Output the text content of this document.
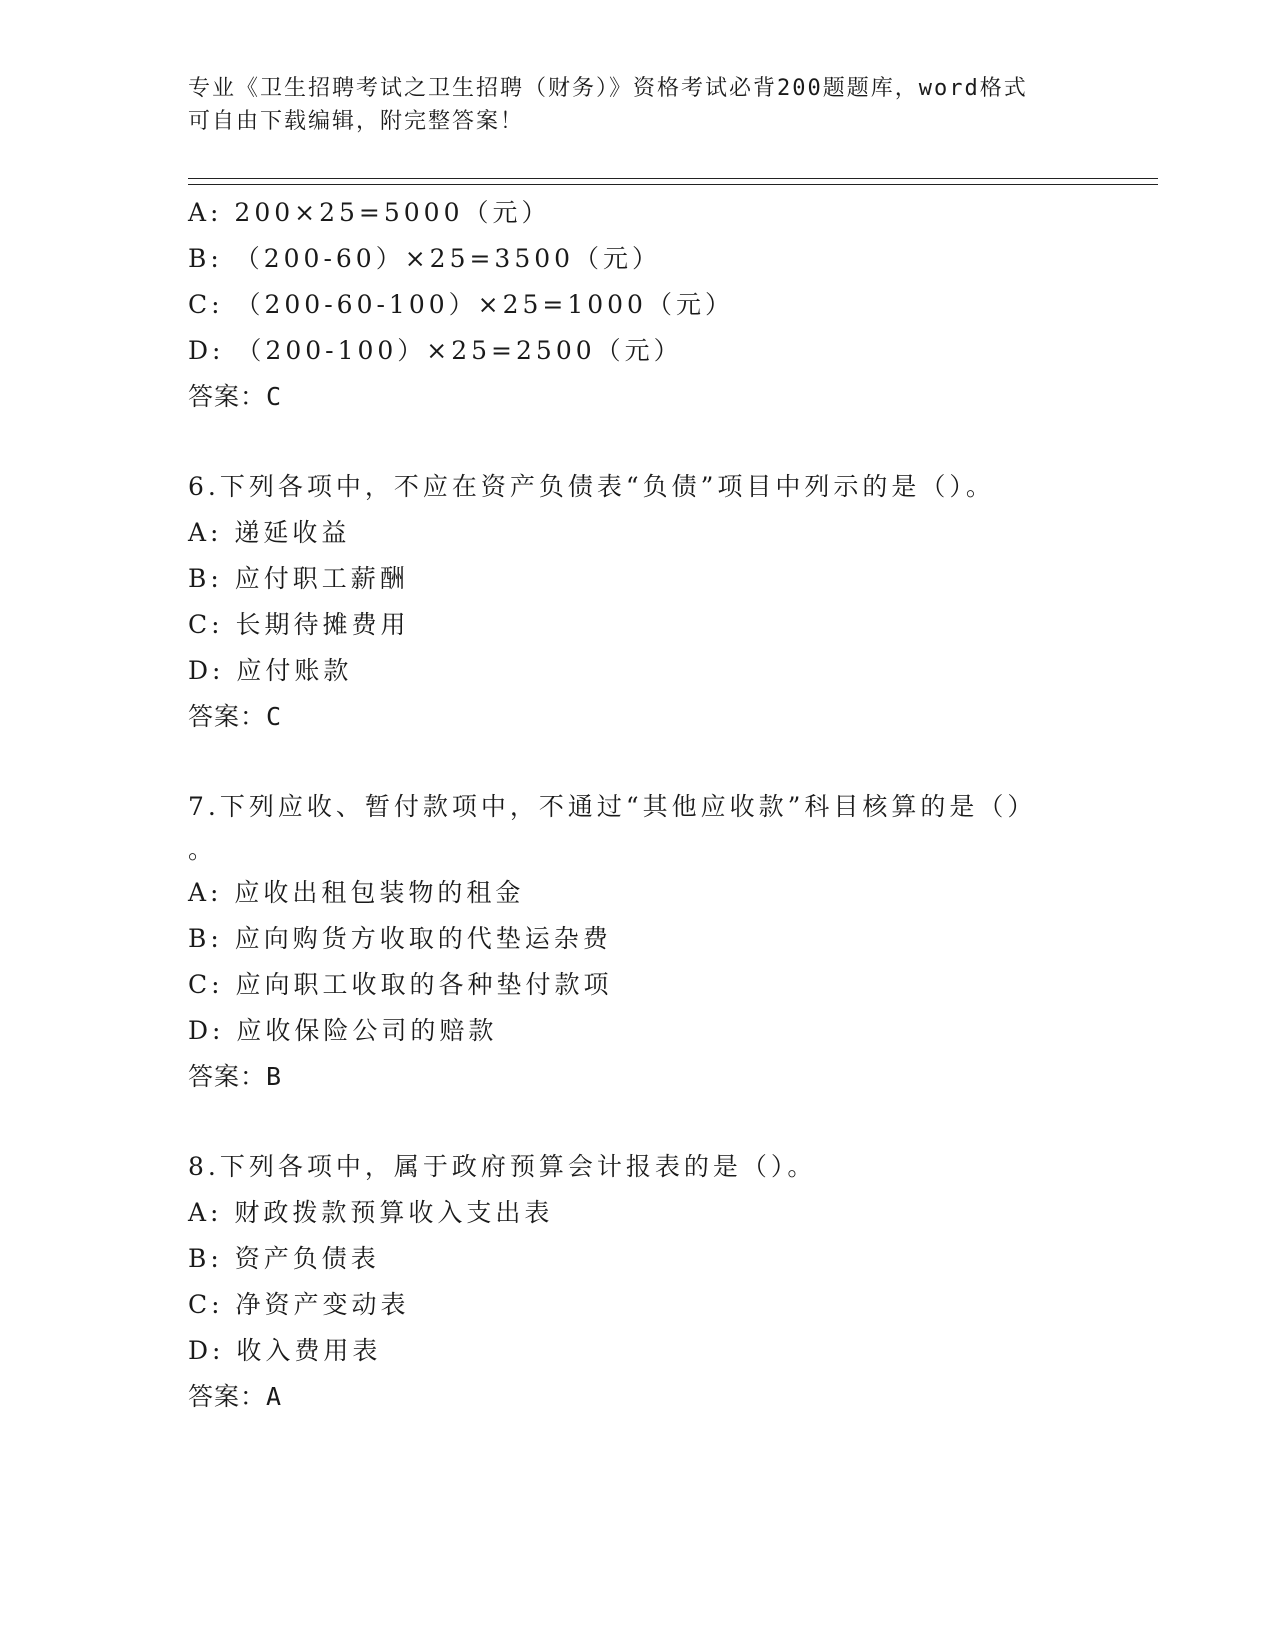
专业《卫生招聘考试之卫生招聘（财务）》资格考试必背200题题库，word格式
可自由下载编辑，附完整答案！
A: 200×25=5000（元）
B: （200-60）×25=3500（元）
C: （200-60-100）×25=1000（元）
D: （200-100）×25=2500（元）
答案：C
6.下列各项中，不应在资产负债表“负债”项目中列示的是（）。
A: 递延收益
B: 应付职工薪酬
C: 长期待摊费用
D: 应付账款
答案：C
7.下列应收、暂付款项中，不通过“其他应收款”科目核算的是（）
。
A: 应收出租包装物的租金
B: 应向购货方收取的代垫运杂费
C: 应向职工收取的各种垫付款项
D: 应收保险公司的赔款
答案：B
8.下列各项中，属于政府预算会计报表的是（）。
A: 财政拨款预算收入支出表
B: 资产负债表
C: 净资产变动表
D: 收入费用表
答案：A
